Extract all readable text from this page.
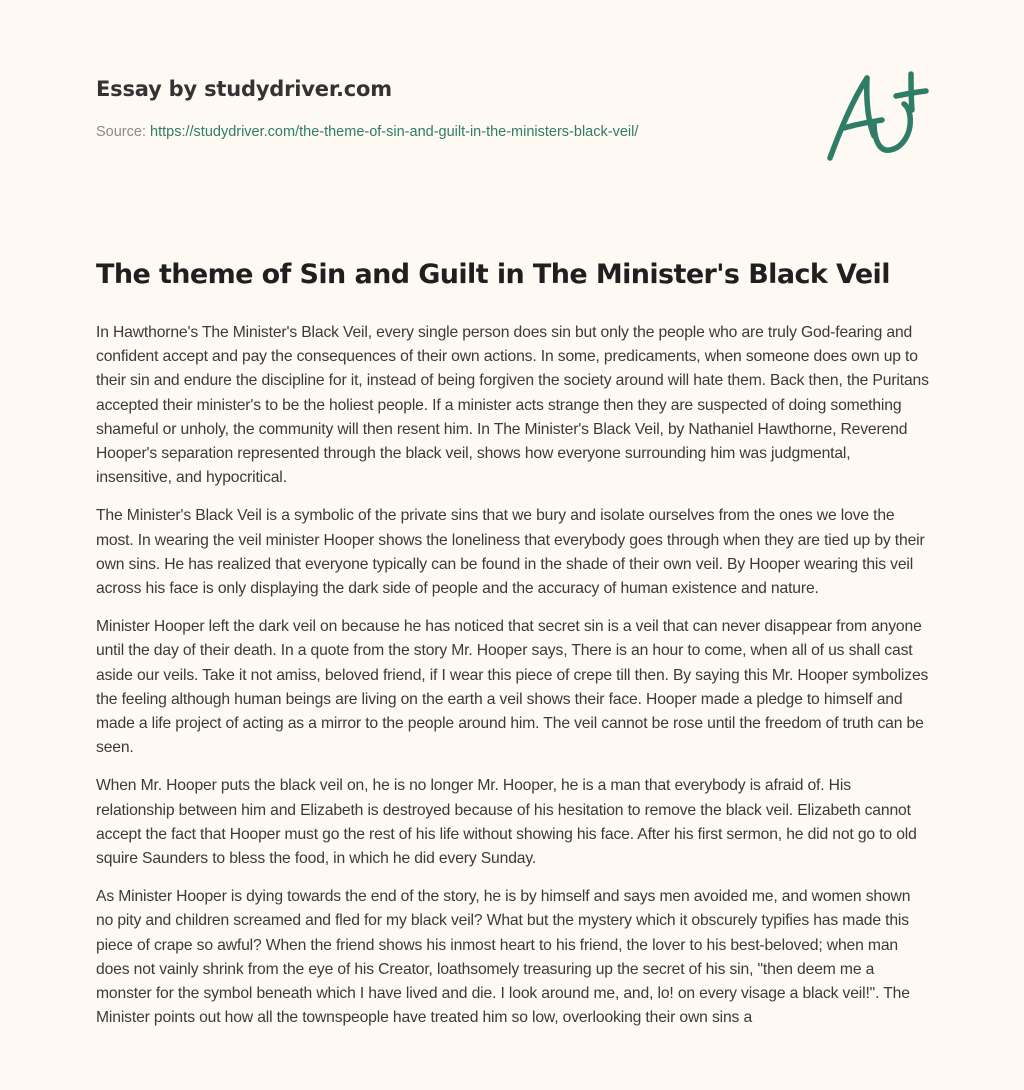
Essay by studydriver.com
Source: https://studydriver.com/the-theme-of-sin-and-guilt-in-the-ministers-black-veil/
The theme of Sin and Guilt in The Minister's Black Veil

In Hawthorne's The Minister's Black Veil, every single person does sin but only the people who are truly God-fearing and confident accept and pay the consequences of their own actions. In some, predicaments, when someone does own up to their sin and endure the discipline for it, instead of being forgiven the society around will hate them. Back then, the Puritans accepted their minister's to be the holiest people. If a minister acts strange then they are suspected of doing something shameful or unholy, the community will then resent him. In The Minister's Black Veil, by Nathaniel Hawthorne, Reverend Hooper's separation represented through the black veil, shows how everyone surrounding him was judgmental, insensitive, and hypocritical.

The Minister's Black Veil is a symbolic of the private sins that we bury and isolate ourselves from the ones we love the most. In wearing the veil minister Hooper shows the loneliness that everybody goes through when they are tied up by their own sins. He has realized that everyone typically can be found in the shade of their own veil. By Hooper wearing this veil across his face is only displaying the dark side of people and the accuracy of human existence and nature.

Minister Hooper left the dark veil on because he has noticed that secret sin is a veil that can never disappear from anyone until the day of their death. In a quote from the story Mr. Hooper says, There is an hour to come, when all of us shall cast aside our veils. Take it not amiss, beloved friend, if I wear this piece of crepe till then. By saying this Mr. Hooper symbolizes the feeling although human beings are living on the earth a veil shows their face. Hooper made a pledge to himself and made a life project of acting as a mirror to the people around him. The veil cannot be rose until the freedom of truth can be seen.

When Mr. Hooper puts the black veil on, he is no longer Mr. Hooper, he is a man that everybody is afraid of. His relationship between him and Elizabeth is destroyed because of his hesitation to remove the black veil. Elizabeth cannot accept the fact that Hooper must go the rest of his life without showing his face. After his first sermon, he did not go to old squire Saunders to bless the food, in which he did every Sunday.

As Minister Hooper is dying towards the end of the story, he is by himself and says men avoided me, and women shown no pity and children screamed and fled for my black veil? What but the mystery which it obscurely typifies has made this piece of crape so awful? When the friend shows his inmost heart to his friend, the lover to his best-beloved; when man does not vainly shrink from the eye of his Creator, loathsomely treasuring up the secret of his sin, "then deem me a monster for the symbol beneath which I have lived and die. I look around me, and, lo! on every visage a black veil!". The Minister points out how all the townspeople have treated him so low, overlooking their own sins a
